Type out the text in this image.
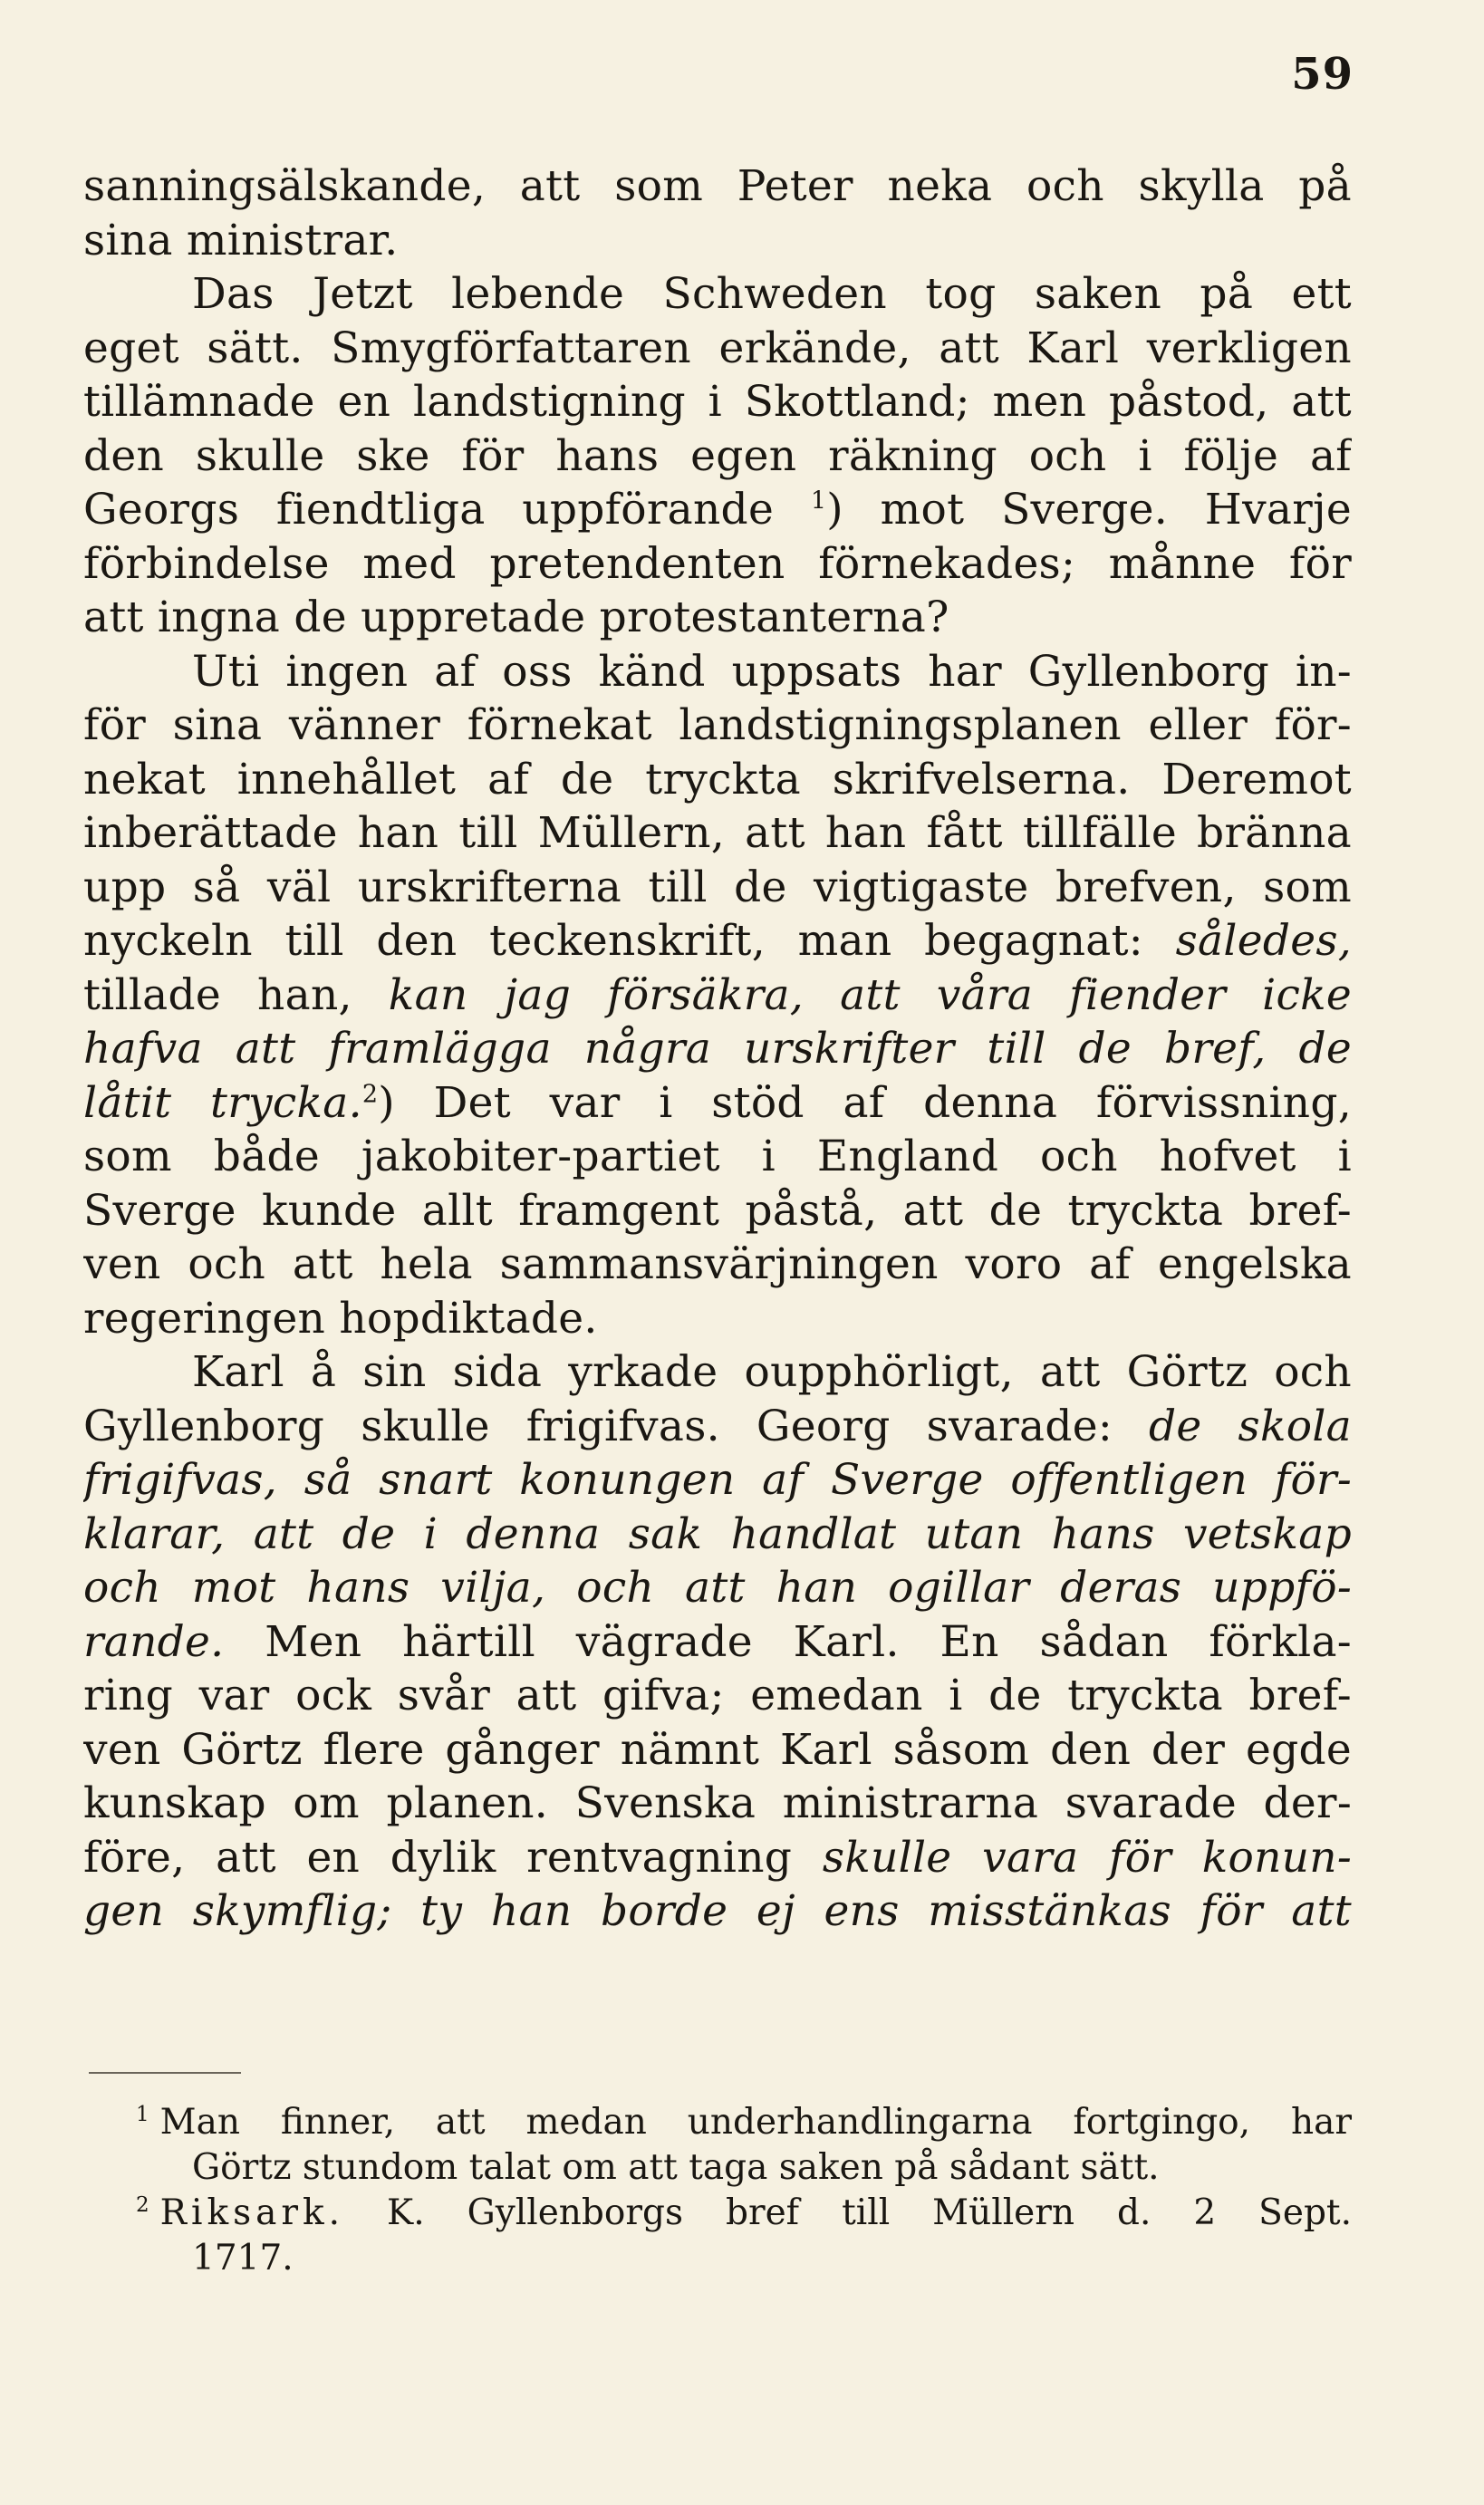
59
sanningsälskande, att som Peter neka och skylla på
sina ministrar.
Das Jetzt lebende Schweden tog saken på ett
eget sätt. Smygförfattaren erkände, att Karl verkligen
tillämnade en landstigning i Skottland; men påstod, att
den skulle ske för hans egen räkning och i följe af
Georgs fiendtliga uppförande $^1$) mot Sverge. Hvarje
förbindelse med pretendenten förnekades; månne för
att ingna de uppretade protestanterna?
Uti ingen af oss känd uppsats har Gyllenborg in-
för sina vänner förnekat landstigningsplanen eller för-
nekat innehållet af de tryckta skrifvelserna. Deremot
inberättade han till Müllern, att han fått tillfälle bränna
upp så väl urskrifterna till de vigtigaste brefven, som
nyckeln till den teckenskrift, man begagnat: således,
tillade han, kan jag försäkra, att våra fiender icke
hafva att framlägga några urskrifter till de bref, de
låtit trycka.$^2$) Det var i stöd af denna förvissning,
som både jakobiter-partiet i England och hofvet i
Sverge kunde allt framgent påstå, att de tryckta bref-
ven och att hela sammansvärjningen voro af engelska
regeringen hopdiktade.
Karl å sin sida yrkade oupphörligt, att Görtz och
Gyllenborg skulle frigifvas. Georg svarade: de skola
frigifvas, så snart konungen af Sverge offentligen för-
klarar, att de i denna sak handlat utan hans vetskap
och mot hans vilja, och att han ogillar deras uppfö-
rande. Men härtill vägrade Karl. En sådan förkla-
ring var ock svår att gifva; emedan i de tryckta bref-
ven Görtz flere gånger nämnt Karl såsom den der egde
kunskap om planen. Svenska ministrarna svarade der-
före, att en dylik rentvagning skulle vara för konun-
gen skymflig; ty han borde ej ens misstänkas för att
$^1$ Man finner, att medan underhandlingarna fortgingo, har
Görtz stundom talat om att taga saken på sådant sätt.
$^2$ Riksark. K. Gyllenborgs bref till Müllern d. 2 Sept.
1717.
